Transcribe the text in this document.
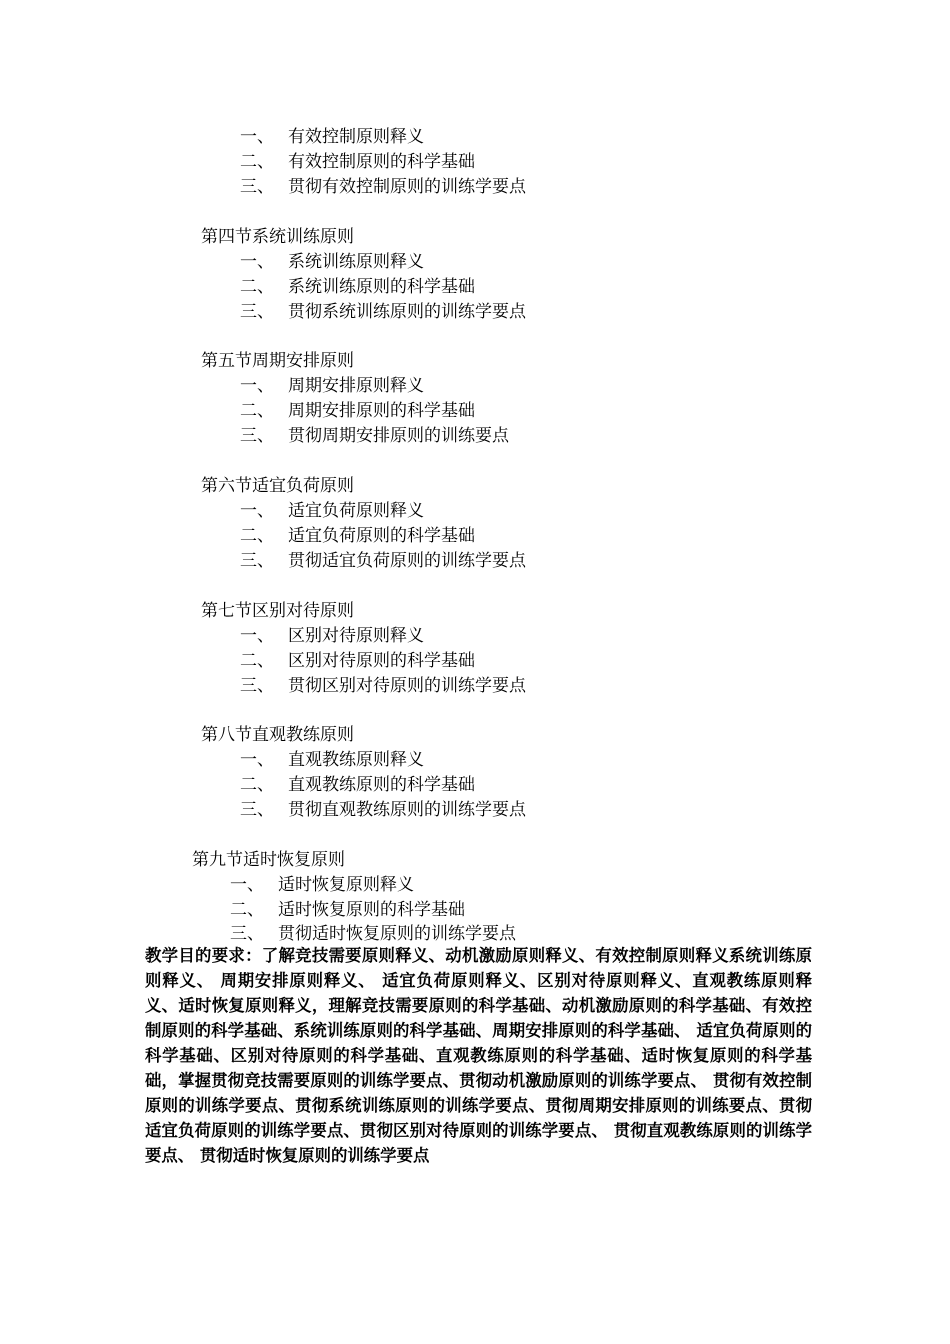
一、 有效控制原则释义
二、 有效控制原则的科学基础
三、 贯彻有效控制原则的训练学要点
第四节系统训练原则
一、 系统训练原则释义
二、 系统训练原则的科学基础
三、 贯彻系统训练原则的训练学要点
第五节周期安排原则
一、 周期安排原则释义
二、 周期安排原则的科学基础
三、 贯彻周期安排原则的训练要点
第六节适宜负荷原则
一、 适宜负荷原则释义
二、 适宜负荷原则的科学基础
三、 贯彻适宜负荷原则的训练学要点
第七节区别对待原则
一、 区别对待原则释义
二、 区别对待原则的科学基础
三、 贯彻区别对待原则的训练学要点
第八节直观教练原则
一、 直观教练原则释义
二、 直观教练原则的科学基础
三、 贯彻直观教练原则的训练学要点
第九节适时恢复原则
一、 适时恢复原则释义
二、 适时恢复原则的科学基础
三、 贯彻适时恢复原则的训练学要点
教学目的要求：了解竞技需要原则释义、动机激励原则释义、有效控制原则释义系统训练原则释义、 周期安排原则释义、 适宜负荷原则释义、区别对待原则释义、直观教练原则释义、适时恢复原则释义，理解竞技需要原则的科学基础、动机激励原则的科学基础、有效控制原则的科学基础、系统训练原则的科学基础、周期安排原则的科学基础、 适宜负荷原则的科学基础、区别对待原则的科学基础、直观教练原则的科学基础、适时恢复原则的科学基础，掌握贯彻竞技需要原则的训练学要点、贯彻动机激励原则的训练学要点、 贯彻有效控制原则的训练学要点、贯彻系统训练原则的训练学要点、贯彻周期安排原则的训练要点、贯彻适宜负荷原则的训练学要点、贯彻区别对待原则的训练学要点、 贯彻直观教练原则的训练学要点、 贯彻适时恢复原则的训练学要点
